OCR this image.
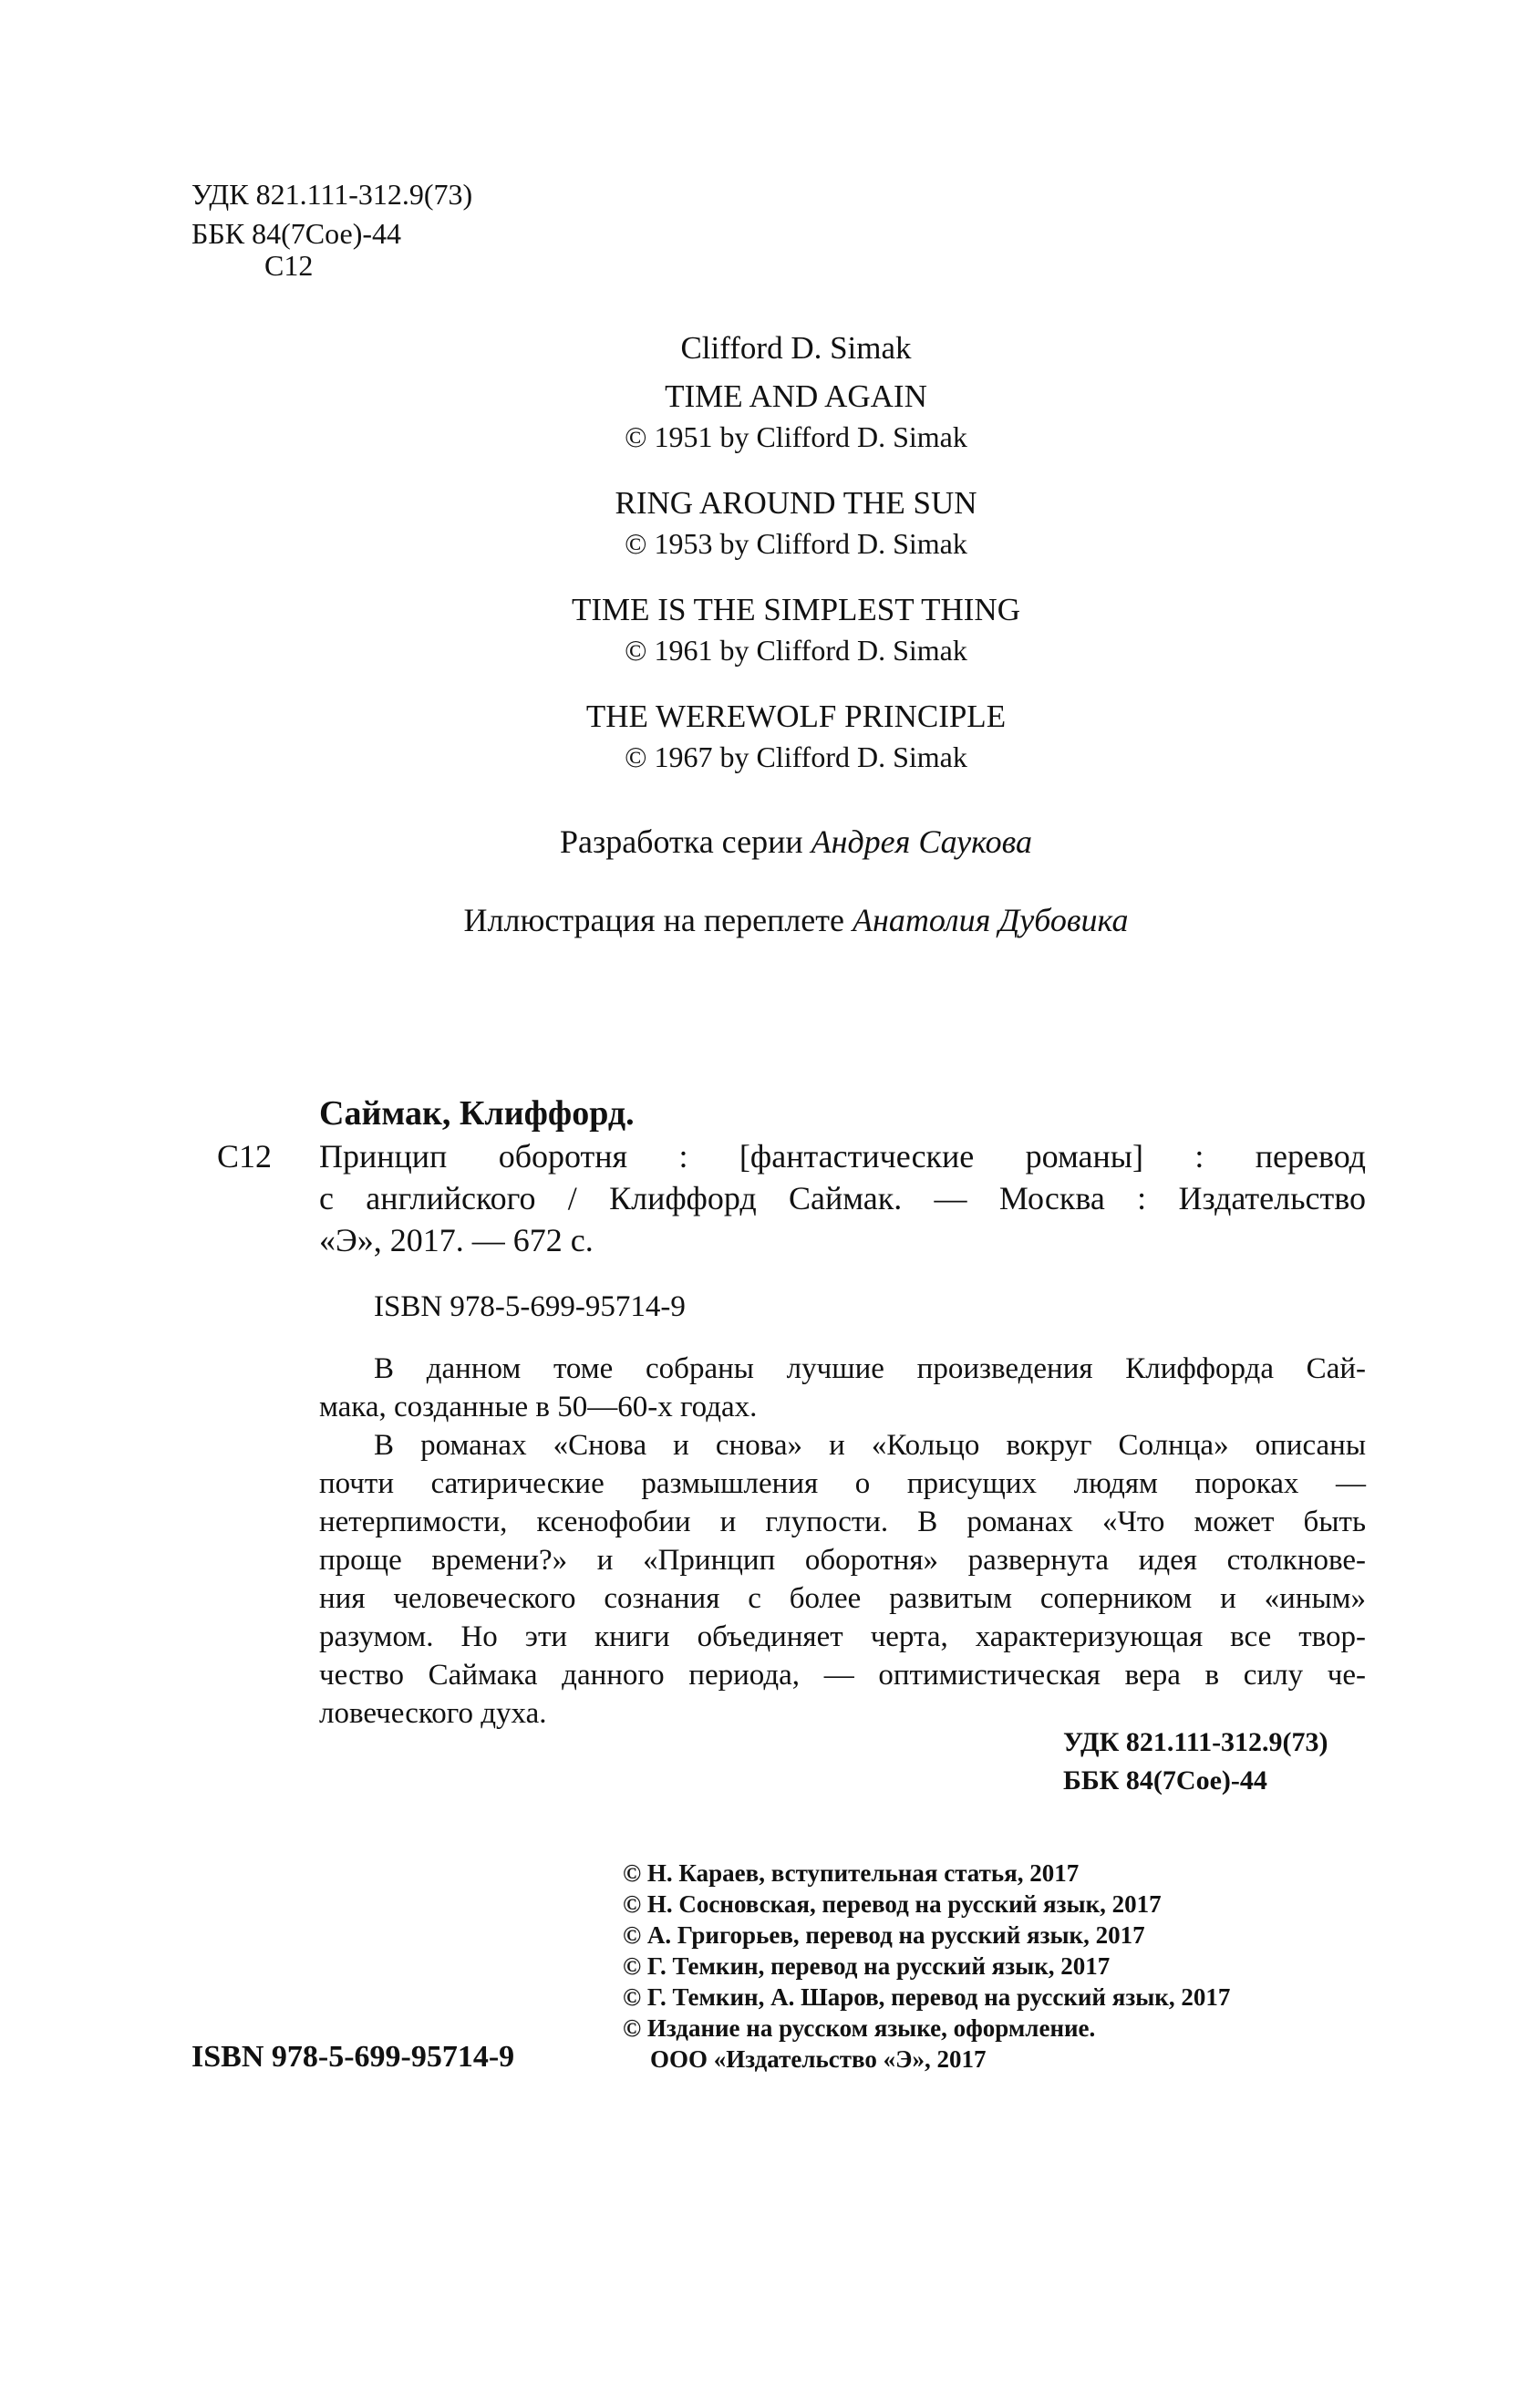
УДК 821.111-312.9(73)
ББК 84(7Сое)-44
С12
Clifford D. Simak
TIME AND AGAIN
© 1951 by Clifford D. Simak
RING AROUND THE SUN
© 1953 by Clifford D. Simak
TIME IS THE SIMPLEST THING
© 1961 by Clifford D. Simak
THE WEREWOLF PRINCIPLE
© 1967 by Clifford D. Simak
Разработка серии Андрея Саукова
Иллюстрация на переплете Анатолия Дубовика
Саймак, Клиффорд.
С12 Принцип оборотня : [фантастические романы] : перевод
с английского / Клиффорд Саймак. — Москва : Издательство
«Э», 2017. — 672 с.
ISBN 978-5-699-95714-9
В данном томе собраны лучшие произведения Клиффорда Сай-
мака, созданные в 50—60-х годах.
В романах «Снова и снова» и «Кольцо вокруг Солнца» описаны
почти сатирические размышления о присущих людям пороках —
нетерпимости, ксенофобии и глупости. В романах «Что может быть
проще времени?» и «Принцип оборотня» развернута идея столкнове-
ния человеческого сознания с более развитым соперником и «иным»
разумом. Но эти книги объединяет черта, характеризующая все твор-
чество Саймака данного периода, — оптимистическая вера в силу че-
ловеческого духа.
УДК 821.111-312.9(73)
ББК 84(7Сое)-44
© Н. Караев, вступительная статья, 2017
© Н. Сосновская, перевод на русский язык, 2017
© А. Григорьев, перевод на русский язык, 2017
© Г. Темкин, перевод на русский язык, 2017
© Г. Темкин, А. Шаров, перевод на русский язык, 2017
© Издание на русском языке, оформление.
ООО «Издательство «Э», 2017
ISBN 978-5-699-95714-9
